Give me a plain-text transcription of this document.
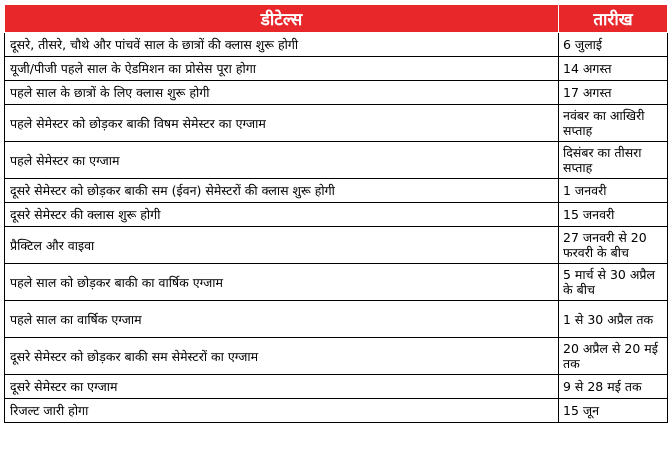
डीटेल्स	तारीख
दूसरे, तीसरे, चौथे और पांचवें साल के छात्रों की क्लास शुरू होगी	6 जुलाई
यूजी/पीजी पहले साल के ऐडमिशन का प्रोसेस पूरा होगा	14 अगस्त
पहले साल के छात्रों के लिए क्लास शुरू होगी	17 अगस्त
पहले सेमेस्टर को छोड़कर बाकी विषम सेमेस्टर का एग्जाम	नवंबर का आखिरी सप्ताह
पहले सेमेस्टर का एग्जाम	दिसंबर का तीसरा सप्ताह
दूसरे सेमेस्टर को छोड़कर बाकी सम (ईवन) सेमेस्टरों की क्लास शुरू होगी	1 जनवरी
दूसरे सेमेस्टर की क्लास शुरू होगी	15 जनवरी
प्रैक्टिल और वाइवा	27 जनवरी से 20 फरवरी के बीच
पहले साल को छोड़कर बाकी का वार्षिक एग्जाम	5 मार्च से 30 अप्रैल के बीच
पहले साल का वार्षिक एग्जाम	1 से 30 अप्रैल तक
दूसरे सेमेस्टर को छोड़कर बाकी सम सेमेस्टरों का एग्जाम	20 अप्रैल से 20 मई तक
दूसरे सेमेस्टर का एग्जाम	9 से 28 मई तक
रिजल्ट जारी होगा	15 जून
